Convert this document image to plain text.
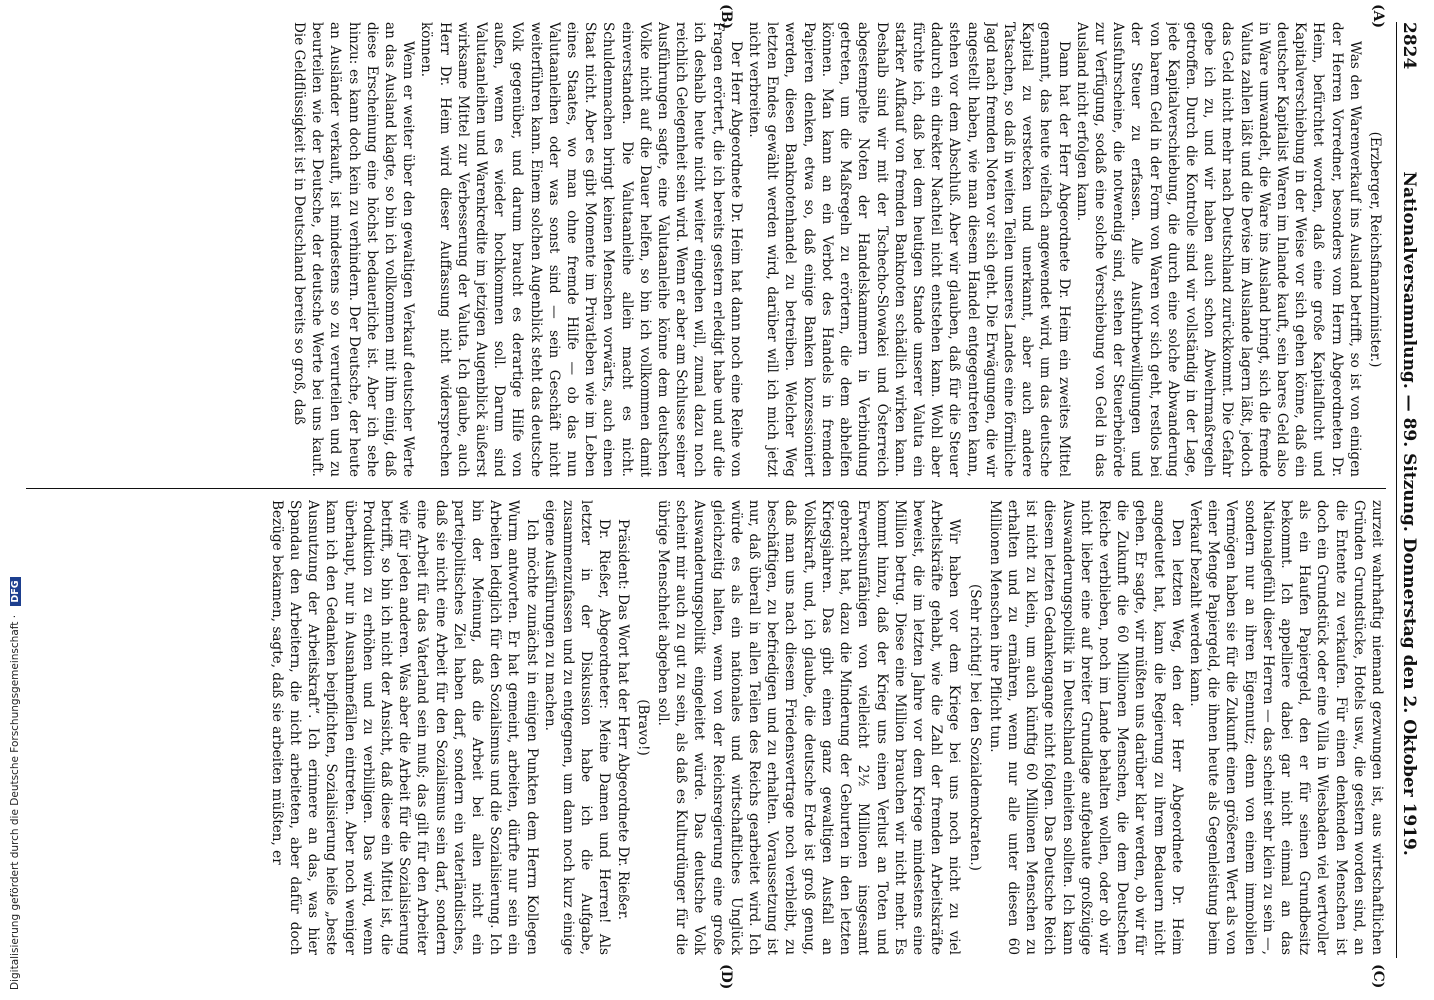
2824
Nationalversammlung. — 89. Sitzung. Donnerstag den 2. Oktober 1919.
(A)
(B)
(C)
(D)

(Erzberger, Reichsfinanzminister.)

Was den Warenverkauf ins Ausland betrifft, so ist von einigen der Herren Vorredner, besonders vom Herrn Abgeordneten Dr. Heim, befürchtet worden, daß eine große Kapitalflucht und Kapitalverschiebung in der Weise vor sich gehen könne, daß ein deutscher Kapitalist Waren im Inlande kauft, sein bares Geld also in Ware umwandelt, die Ware ins Ausland bringt, sich die fremde Valuta zahlen läßt und die Devise im Auslande lagern läßt, jedoch das Geld nicht mehr nach Deutschland zurückkommt. Die Gefahr gebe ich zu, und wir haben auch schon Abwehrmaßregeln getroffen. Durch die Kontrolle sind wir vollständig in der Lage, jede Kapitalverschiebung, die durch eine solche Abwanderung von barem Geld in der Form von Waren vor sich geht, restlos bei der Steuer zu erfassen. Alle Ausfuhrbewilligungen und Ausfuhrscheine, die notwendig sind, stehen der Steuerbehörde zur Verfügung, sodaß eine solche Verschiebung von Geld in das Ausland nicht erfolgen kann.

Dann hat der Herr Abgeordnete Dr. Heim ein zweites Mittel genannt, das heute vielfach angewendet wird, um das deutsche Kapital zu verstecken und unerkannt, aber auch andere Tatsachen, so daß in weiten Teilen unseres Landes eine förmliche Jagd nach fremden Noten vor sich geht. Die Erwägungen, die wir angestellt haben, wie man diesem Handel entgegentreten kann, stehen vor dem Abschluß. Aber wir glauben, daß für die Steuer dadurch ein direkter Nachteil nicht entstehen kann. Wohl aber fürchte ich, daß bei dem heutigen Stande unserer Valuta ein starker Aufkauf von fremden Banknoten schädlich wirken kann. Deshalb sind wir mit der Tschecho-Slowakei und Österreich abgestempelte Noten der Handelskammern in Verbindung getreten, um die Maßregeln zu erörtern, die dem abhelfen können. Man kann an ein Verbot des Handels in fremden Papieren denken, etwa so, daß einige Banken konzessioniert werden, diesen Banknotenhandel zu betreiben. Welcher Weg letzten Endes gewählt werden wird, darüber will ich mich jetzt nicht verbreiten.

Der Herr Abgeordnete Dr. Heim hat dann noch eine Reihe von Fragen erörtert, die ich bereits gestern erledigt habe und auf die ich deshalb heute nicht weiter eingehen will, zumal dazu noch reichlich Gelegenheit sein wird. Wenn er aber am Schlusse seiner Ausführungen sagte, eine Valutaanleihe könne dem deutschen Volke nicht auf die Dauer helfen, so bin ich vollkommen damit einverstanden. Die Valutaanleihe allein macht es nicht. Schuldenmachen bringt keinen Menschen vorwärts, auch einen Staat nicht. Aber es gibt Momente im Privatleben wie im Leben eines Staates, wo man ohne fremde Hilfe — ob das nun Valutaanleihen oder was sonst sind — sein Geschäft nicht weiterführen kann. Einem solchen Augenblick steht das deutsche Volk gegenüber, und darum braucht es derartige Hilfe von außen, wenn es wieder hochkommen soll. Darum sind Valutaanleihen und Warenkredite im jetzigen Augenblick äußerst wirksame Mittel zur Verbesserung der Valuta. Ich glaube, auch Herr Dr. Heim wird dieser Auffassung nicht widersprechen können.

Wenn er weiter über den gewaltigen Verkauf deutscher Werte an das Ausland klagte, so bin ich vollkommen mit ihm einig, daß diese Erscheinung eine höchst bedauerliche ist. Aber ich sehe hinzu: es kann doch kein zu verhindern. Der Deutsche, der heute an Ausländer verkauft, ist mindestens so zu verurteilen und zu beurteilen wie der Deutsche, der deutsche Werte bei uns kauft. Die Geldflüssigkeit ist in Deutschland bereits so groß, daß

zurzeit wahrhaftig niemand gezwungen ist, aus wirtschaftlichen Gründen Grundstücke, Hotels usw., die gestern worden sind, an die Entente zu verkaufen. Für einen denkenden Menschen ist doch ein Grundstück oder eine Villa in Wiesbaden viel wertvoller als ein Haufen Papiergeld, den er für seinen Grundbesitz bekommt. Ich appelliere dabei gar nicht einmal an das Nationalgefühl dieser Herren — das scheint sehr klein zu sein —, sondern nur an ihren Eigennutz; denn von einem immobilen Vermögen haben sie für die Zukunft einen größeren Wert als von einer Menge Papiergeld, die ihnen heute als Gegenleistung beim Verkauf bezahlt werden kann.

Den letzten Weg, den der Herr Abgeordnete Dr. Heim angedeutet hat, kann die Regierung zu ihrem Bedauern nicht gehen. Er sagte, wir müßten uns darüber klar werden, ob wir für die Zukunft die 60 Millionen Menschen, die dem Deutschen Reiche verblieben, noch im Lande behalten wollen, oder ob wir nicht lieber eine auf breiter Grundlage aufgebaute großzügige Auswanderungspolitik in Deutschland einleiten sollten. Ich kann diesem letzten Gedankengange nicht folgen. Das Deutsche Reich ist nicht zu klein, um auch künftig 60 Millionen Menschen zu erhalten und zu ernähren, wenn nur alle unter diesen 60 Millionen Menschen ihre Pflicht tun.

(Sehr richtig! bei den Sozialdemokraten.)

Wir haben vor dem Kriege bei uns noch nicht zu viel Arbeitskräfte gehabt, wie die Zahl der fremden Arbeitskräfte beweist, die im letzten Jahre vor dem Kriege mindestens eine Million betrug. Diese eine Million brauchen wir nicht mehr. Es kommt hinzu, daß der Krieg uns einen Verlust an Toten und Erwerbsunfähigen von vielleicht 2½ Millionen insgesamt gebracht hat, dazu die Minderung der Geburten in den letzten Kriegsjahren. Das gibt einen ganz gewaltigen Ausfall an Volkskraft, und, ich glaube, die deutsche Erde ist groß genug, daß man uns nach diesem Friedensvertrage noch verbleibt, zu beschäftigen, zu befriedigen und zu erhalten. Voraussetzung ist nur, daß überall in allen Teilen des Reichs gearbeitet wird. Ich würde es als ein nationales und wirtschaftliches Unglück gleichzeitig halten, wenn von der Reichsregierung eine große Auswanderungspolitik eingeleitet würde. Das deutsche Volk scheint mir auch zu gut zu sein, als daß es Kulturdünger für die übrige Menschheit abgeben soll.

(Bravo!)

Präsident: Das Wort hat der Herr Abgeordnete Dr. Rießer.

Dr. Rießer, Abgeordneter: Meine Damen und Herren! Als letzter in der Diskussion habe ich die Aufgabe, zusammenzufassen und zu entgegnen, um dann noch kurz einige eigene Ausführungen zu machen.

Ich möchte zunächst in einigen Punkten dem Herrn Kollegen Wurm antworten. Er hat gemeint, arbeiten, dürfte nur sein ein Arbeiten lediglich für den Sozialismus und die Sozialisierung. Ich bin der Meinung, daß die Arbeit bei allen nicht ein parteipolitisches Ziel haben darf, sondern ein vaterländisches, daß sie nicht eine Arbeit für den Sozialismus sein darf, sondern eine Arbeit für das Vaterland sein muß; das gilt für den Arbeiter wie für jeden anderen. Was aber die Arbeit für die Sozialisierung betrifft, so bin ich nicht der Ansicht, daß diese ein Mittel ist, die Produktion zu erhöhen und zu verbilligen. Das wird, wenn überhaupt, nur in Ausnahmefällen eintreten. Aber noch weniger kann ich den Gedanken beipflichten, Sozialisierung heiße „beste Ausnutzung der Arbeitskraft“. Ich erinnere an das, was hier Spandau den Arbeitern, die nicht arbeiteten, aber dafür doch Bezüge bekamen, sagte, daß sie arbeiten müßten, er

Digitalisierung gefördert durch die Deutsche Forschungsgemeinschaft · DFG
